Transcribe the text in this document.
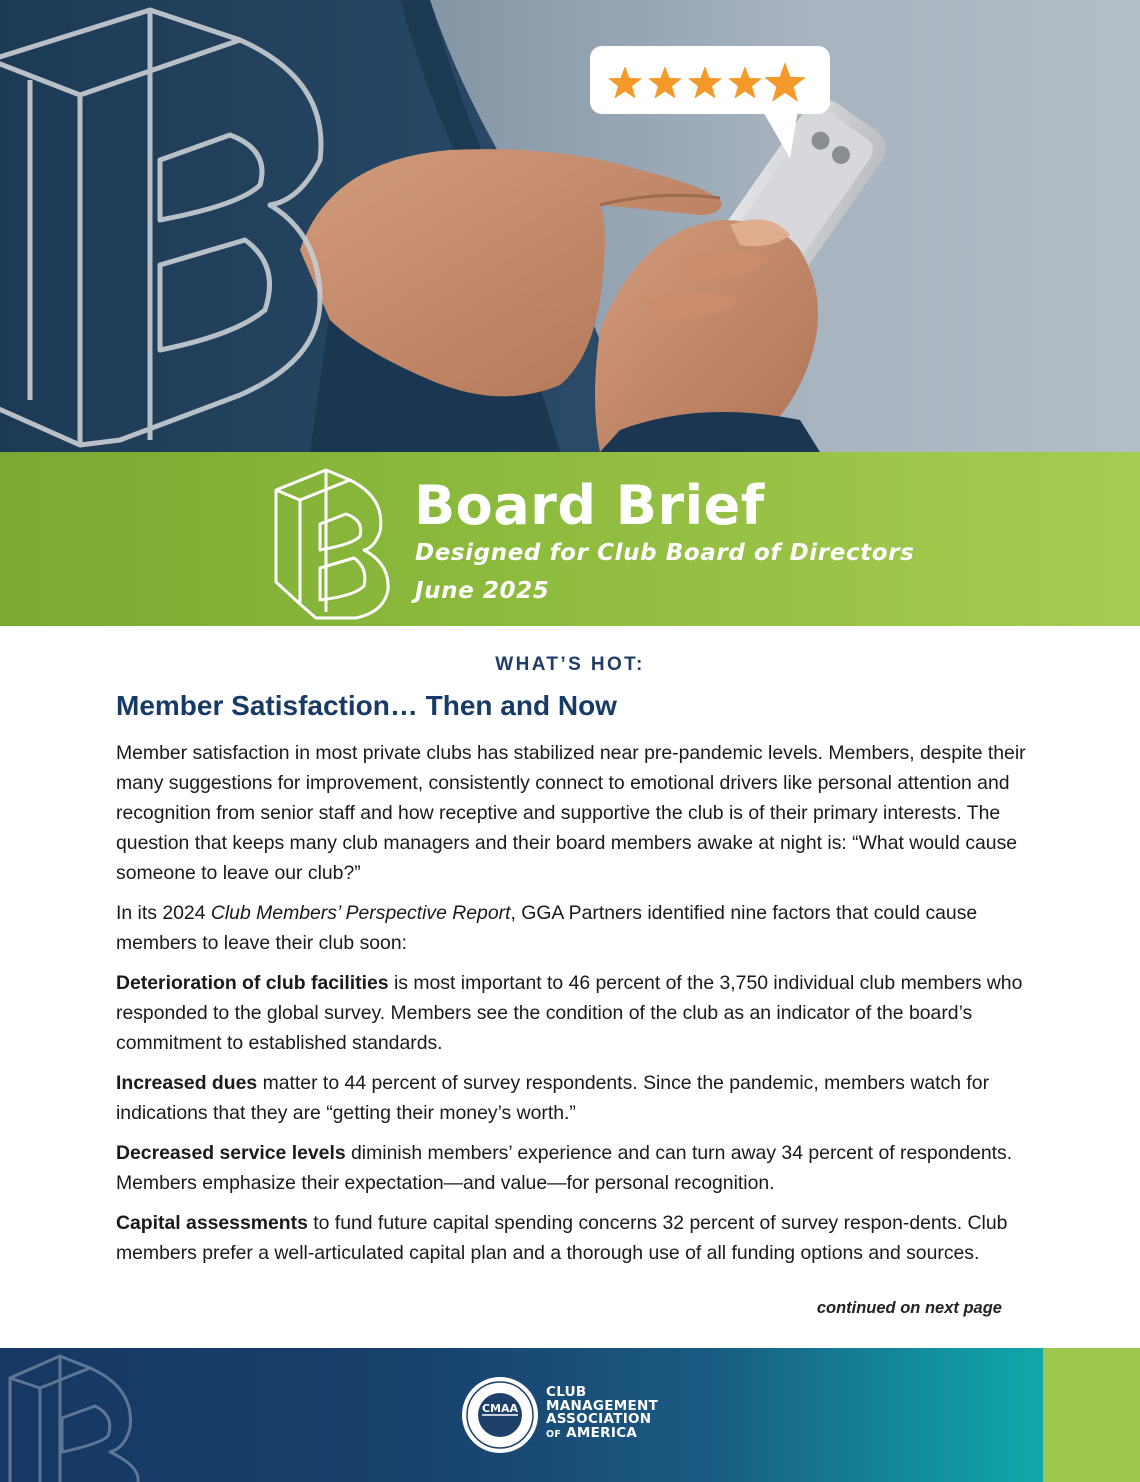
Board Brief
Designed for Club Board of Directors
June 2025
WHAT’S HOT:
Member Satisfaction… Then and Now

Member satisfaction in most private clubs has stabilized near pre-pandemic levels. Members, despite their many suggestions for improvement, consistently connect to emotional drivers like personal attention and recognition from senior staff and how receptive and supportive the club is of their primary interests. The question that keeps many club managers and their board members awake at night is: “What would cause someone to leave our club?”

In its 2024 Club Members’ Perspective Report, GGA Partners identified nine factors that could cause members to leave their club soon:

Deterioration of club facilities is most important to 46 percent of the 3,750 individual club members who responded to the global survey. Members see the condition of the club as an indicator of the board’s commitment to established standards.

Increased dues matter to 44 percent of survey respondents. Since the pandemic, members watch for indications that they are “getting their money’s worth.”

Decreased service levels diminish members’ experience and can turn away 34 percent of respondents. Members emphasize their expectation—and value—for personal recognition.

Capital assessments to fund future capital spending concerns 32 percent of survey respon-dents. Club members prefer a well-articulated capital plan and a thorough use of all funding options and sources.

continued on next page
CMAA
CLUB
MANAGEMENT
ASSOCIATION
OF AMERICA
